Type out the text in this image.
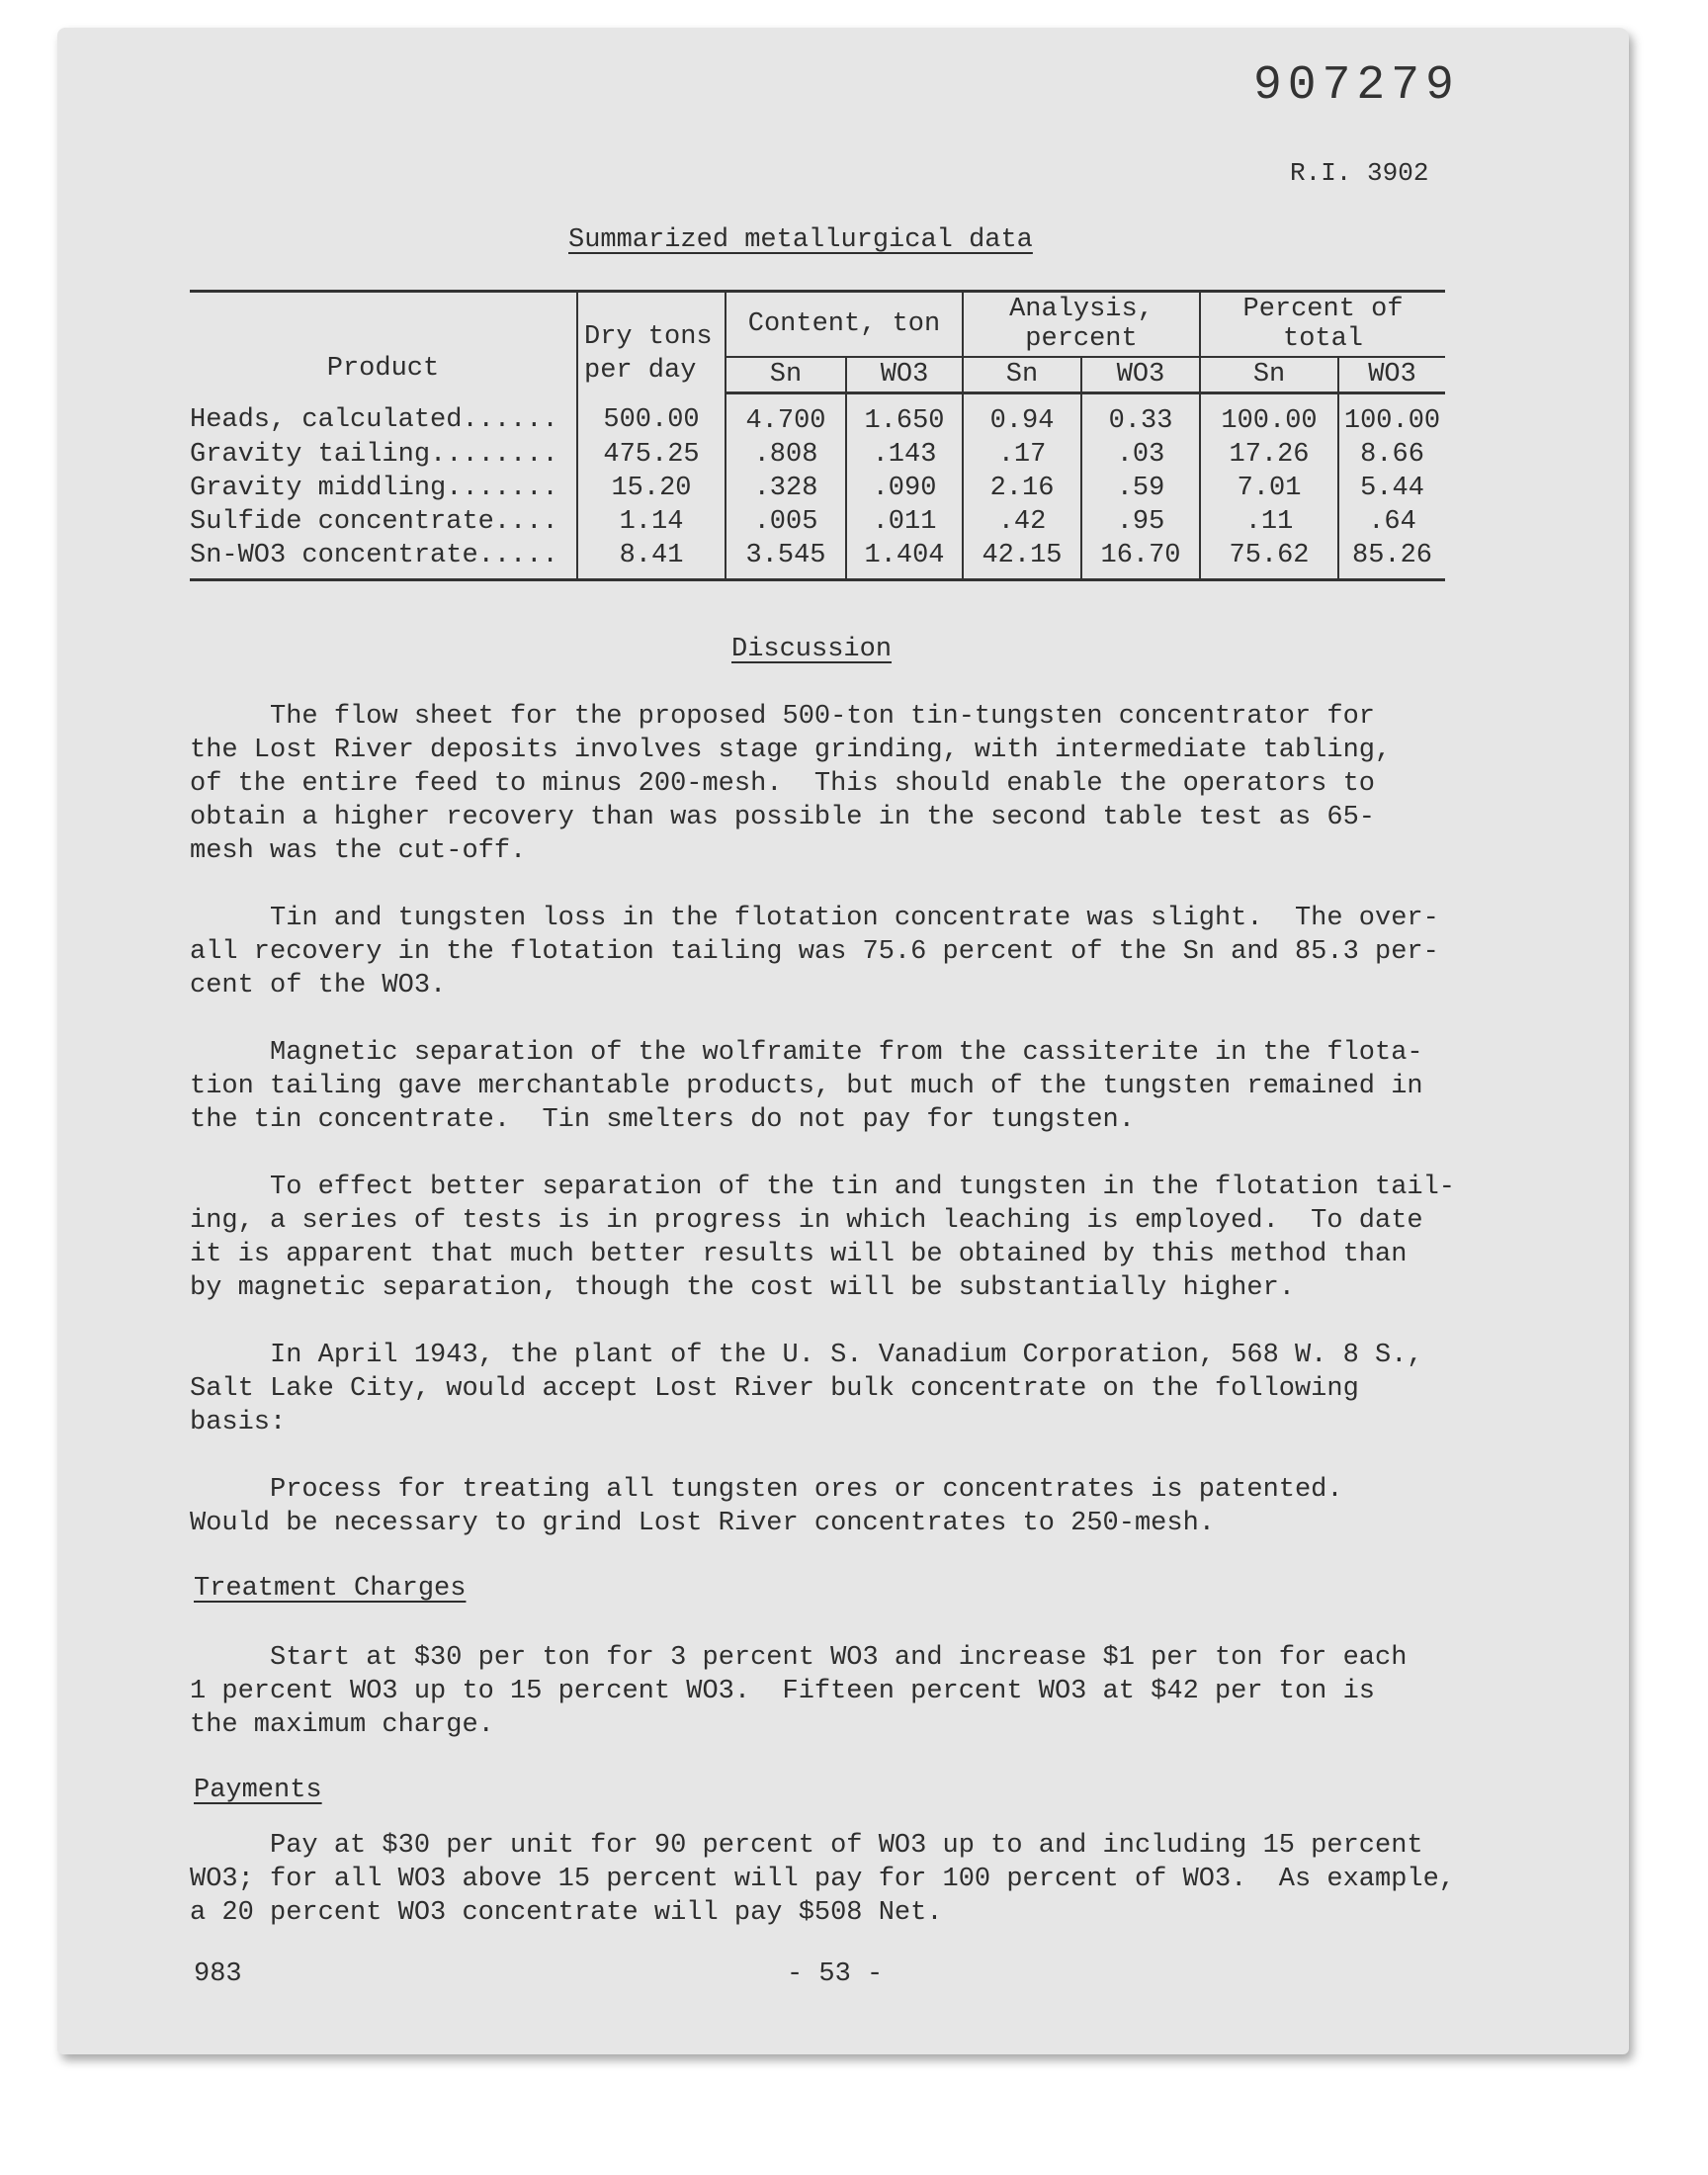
907279
R.I. 3902
Summarized metallurgical data
Product	Dry tons per day	Content, ton		Analysis, percent		Percent of total	
		Sn	WO3	Sn	WO3	Sn	WO3
Heads, calculated......	500.00	4.700	1.650	0.94	0.33	100.00	100.00
Gravity tailing........	475.25	.808	.143	.17	.03	17.26	8.66
Gravity middling.......	15.20	.328	.090	2.16	.59	7.01	5.44
Sulfide concentrate....	1.14	.005	.011	.42	.95	.11	.64
Sn-WO3 concentrate.....	8.41	3.545	1.404	42.15	16.70	75.62	85.26
Discussion
The flow sheet for the proposed 500-ton tin-tungsten concentrator for
the Lost River deposits involves stage grinding, with intermediate tabling,
of the entire feed to minus 200-mesh.  This should enable the operators to
obtain a higher recovery than was possible in the second table test as 65-
mesh was the cut-off.
Tin and tungsten loss in the flotation concentrate was slight.  The over-
all recovery in the flotation tailing was 75.6 percent of the Sn and 85.3 per-
cent of the WO3.
Magnetic separation of the wolframite from the cassiterite in the flota-
tion tailing gave merchantable products, but much of the tungsten remained in
the tin concentrate.  Tin smelters do not pay for tungsten.
To effect better separation of the tin and tungsten in the flotation tail-
ing, a series of tests is in progress in which leaching is employed.  To date
it is apparent that much better results will be obtained by this method than
by magnetic separation, though the cost will be substantially higher.
In April 1943, the plant of the U. S. Vanadium Corporation, 568 W. 8 S.,
Salt Lake City, would accept Lost River bulk concentrate on the following
basis:
Process for treating all tungsten ores or concentrates is patented.
Would be necessary to grind Lost River concentrates to 250-mesh.
Treatment Charges
Start at $30 per ton for 3 percent WO3 and increase $1 per ton for each
1 percent WO3 up to 15 percent WO3.  Fifteen percent WO3 at $42 per ton is
the maximum charge.
Payments
Pay at $30 per unit for 90 percent of WO3 up to and including 15 percent
WO3; for all WO3 above 15 percent will pay for 100 percent of WO3.  As example,
a 20 percent WO3 concentrate will pay $508 Net.
983	- 53 -
